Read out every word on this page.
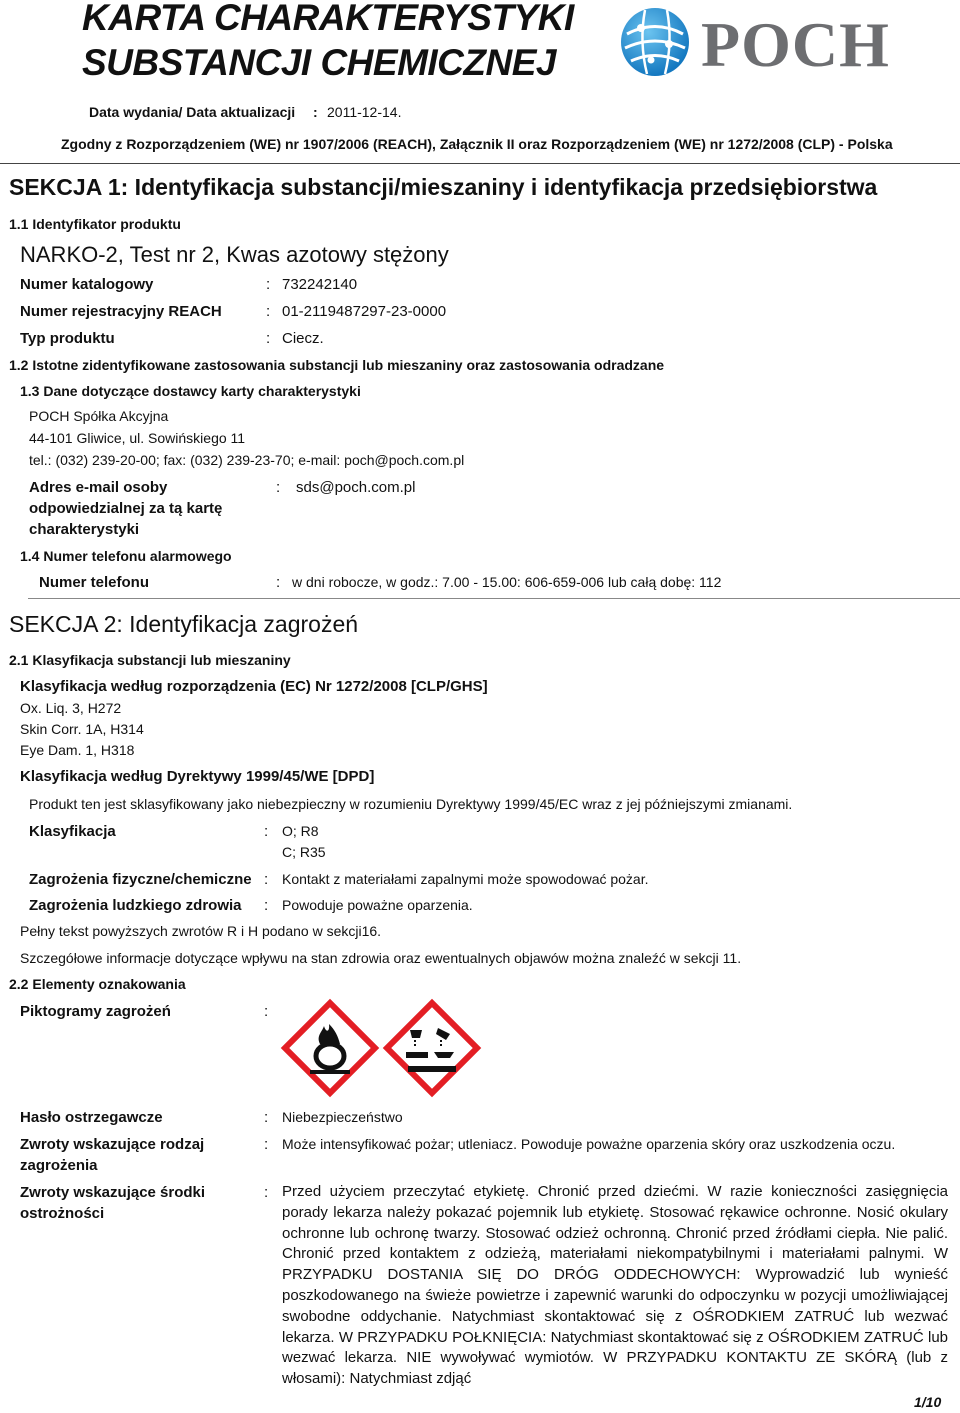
KARTA CHARAKTERYSTYKI
SUBSTANCJI CHEMICZNEJ POCH
Data wydania/ Data aktualizacji : 2011-12-14.
Zgodny z Rozporządzeniem (WE) nr 1907/2006 (REACH), Załącznik II oraz Rozporządzeniem (WE) nr 1272/2008 (CLP) - Polska
SEKCJA 1: Identyfikacja substancji/mieszaniny i identyfikacja przedsiębiorstwa
1.1 Identyfikator produktu
NARKO-2, Test nr 2, Kwas azotowy stężony
Numer katalogowy	: 732242140
Numer rejestracyjny REACH	: 01-2119487297-23-0000
Typ produktu	: Ciecz.
1.2 Istotne zidentyfikowane zastosowania substancji lub mieszaniny oraz zastosowania odradzane
1.3 Dane dotyczące dostawcy karty charakterystyki
POCH Spółka Akcyjna
44-101 Gliwice, ul. Sowińskiego 11
tel.: (032) 239-20-00; fax: (032) 239-23-70; e-mail: poch@poch.com.pl
Adres e-mail osoby
odpowiedzialnej za tą kartę
charakterystyki
: sds@poch.com.pl
1.4 Numer telefonu alarmowego
Numer telefonu	: w dni robocze, w godz.: 7.00 - 15.00: 606-659-006 lub całą dobę: 112
SEKCJA 2: Identyfikacja zagrożeń
2.1 Klasyfikacja substancji lub mieszaniny
Klasyfikacja według rozporządzenia (EC) Nr 1272/2008 [CLP/GHS]
Ox. Liq. 3, H272
Skin Corr. 1A, H314
Eye Dam. 1, H318
Klasyfikacja według Dyrektywy 1999/45/WE [DPD]
Produkt ten jest sklasyfikowany jako niebezpieczny w rozumieniu Dyrektywy 1999/45/EC wraz z jej późniejszymi zmianami.
Klasyfikacja	: O; R8
C; R35
Zagrożenia fizyczne/chemiczne : Kontakt z materiałami zapalnymi może spowodować pożar.
Zagrożenia ludzkiego zdrowia : Powoduje poważne oparzenia.
Pełny tekst powyższych zwrotów R i H podano w sekcji16.
Szczegółowe informacje dotyczące wpływu na stan zdrowia oraz ewentualnych objawów można znaleźć w sekcji 11.
2.2 Elementy oznakowania
Piktogramy zagrożeń	:
Hasło ostrzegawcze	: Niebezpieczeństwo
Zwroty wskazujące rodzaj
zagrożenia
: Może intensyfikować pożar; utleniacz. Powoduje poważne oparzenia skóry oraz uszkodzenia oczu.
Zwroty wskazujące środki
ostrożności
: Przed użyciem przeczytać etykietę. Chronić przed dziećmi. W razie konieczności zasięgnięcia porady lekarza należy pokazać pojemnik lub etykietę. Stosować rękawice ochronne. Nosić okulary ochronne lub ochronę twarzy. Stosować odzież ochronną. Chronić przed źródłami ciepła. Nie palić. Chronić przed kontaktem z odzieżą, materiałami niekompatybilnymi i materiałami palnymi. W PRZYPADKU DOSTANIA SIĘ DO DRÓG ODDECHOWYCH: Wyprowadzić lub wynieść poszkodowanego na świeże powietrze i zapewnić warunki do odpoczynku w pozycji umożliwiającej swobodne oddychanie. Natychmiast skontaktować się z OŚRODKIEM ZATRUĆ lub wezwać lekarza. W PRZYPADKU POŁKNIĘCIA: Natychmiast skontaktować się z OŚRODKIEM ZATRUĆ lub wezwać lekarza. NIE wywoływać wymiotów. W PRZYPADKU KONTAKTU ZE SKÓRĄ (lub z włosami): Natychmiast zdjąć
1/10
